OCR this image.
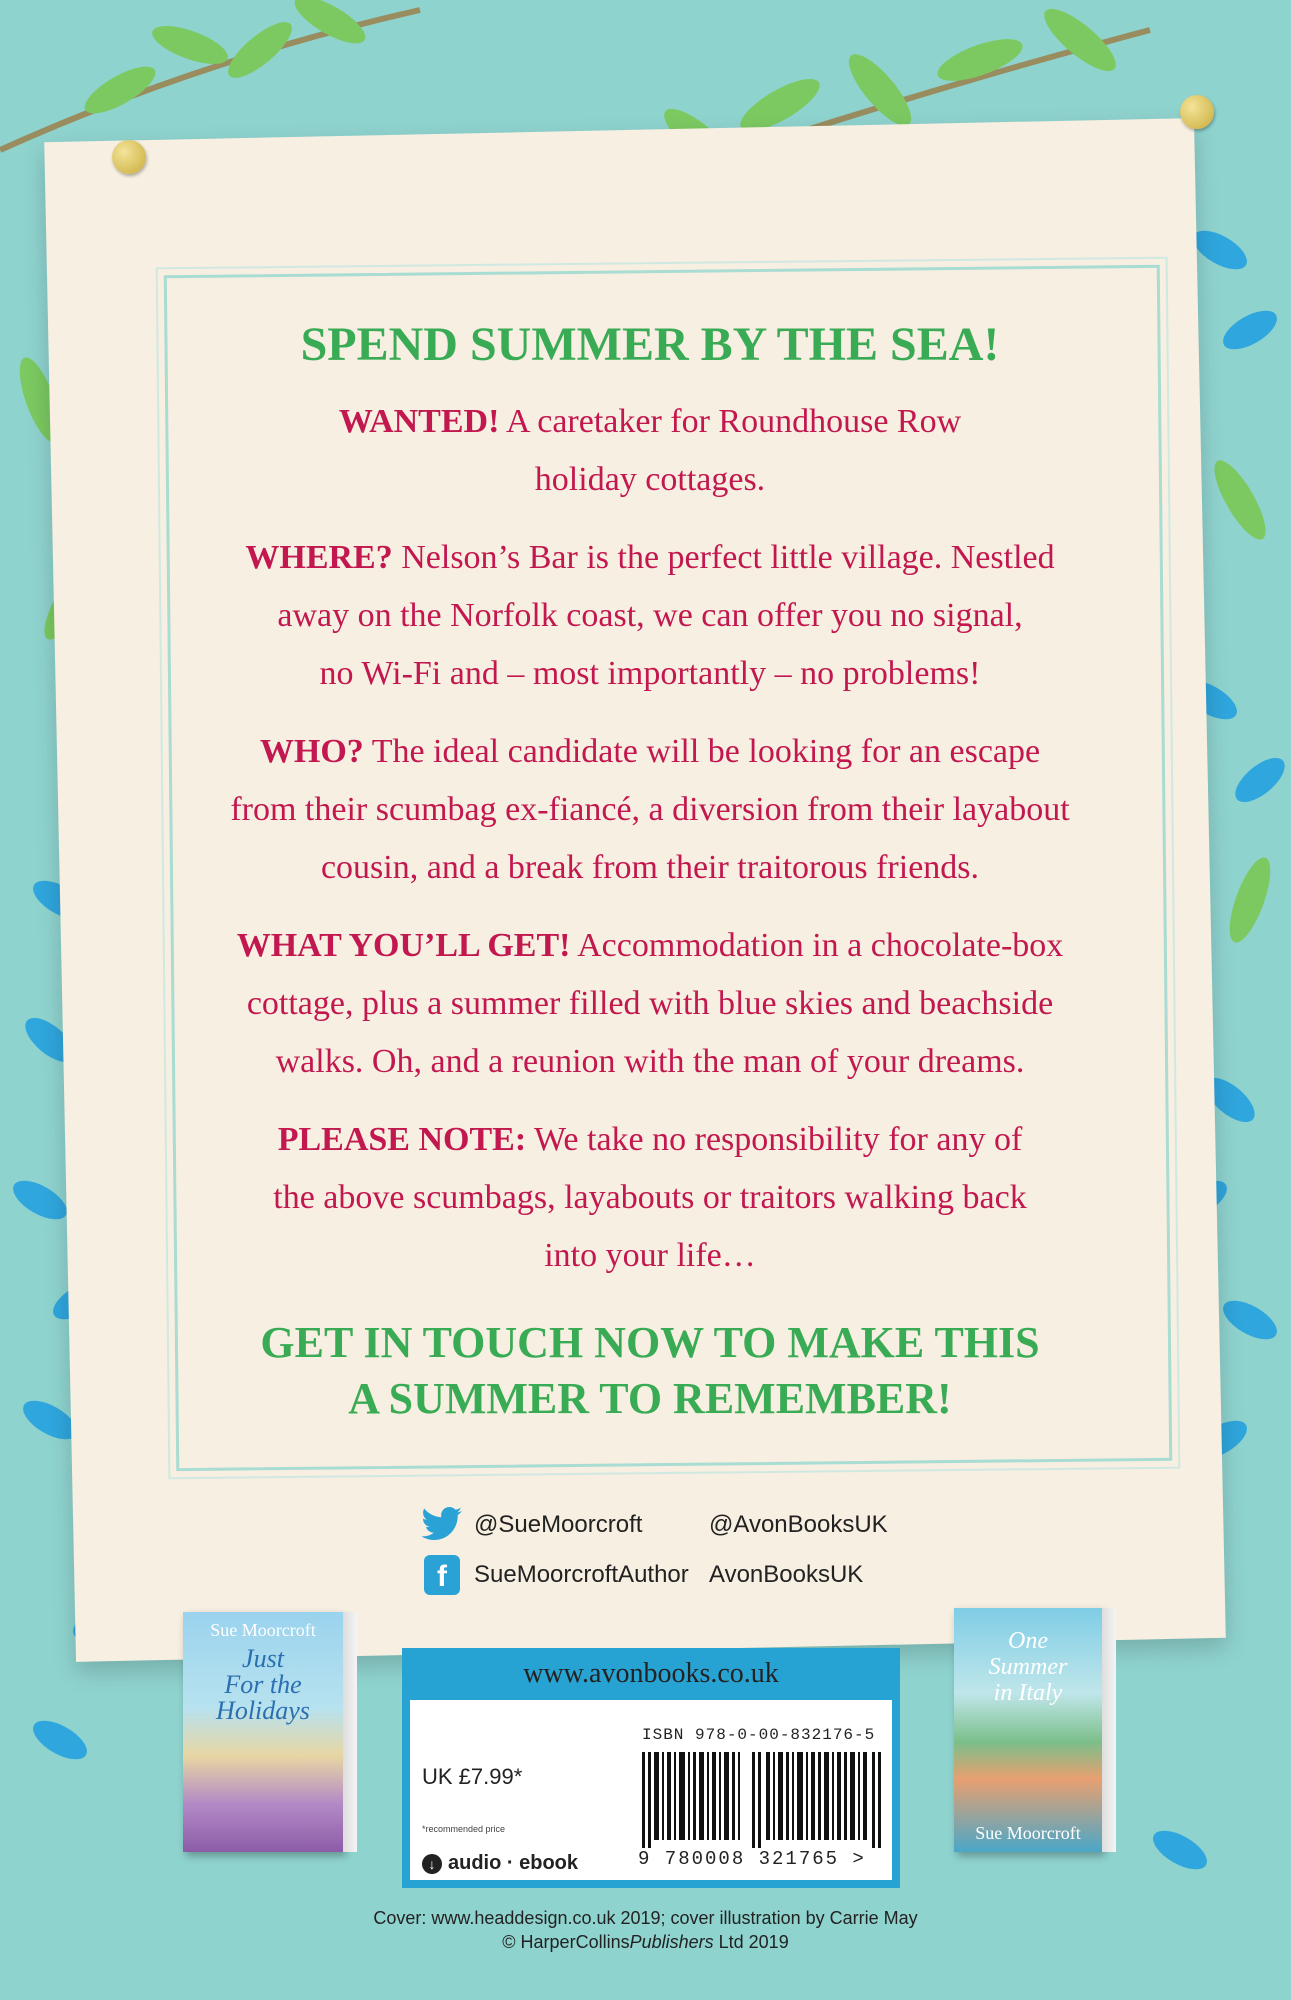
SPEND SUMMER BY THE SEA!
WANTED! A caretaker for Roundhouse Row
holiday cottages.
WHERE? Nelson’s Bar is the perfect little village. Nestled
away on the Norfolk coast, we can offer you no signal,
no Wi-Fi and – most importantly – no problems!
WHO? The ideal candidate will be looking for an escape
from their scumbag ex-fiancé, a diversion from their layabout
cousin, and a break from their traitorous friends.
WHAT YOU’LL GET! Accommodation in a chocolate-box
cottage, plus a summer filled with blue skies and beachside
walks. Oh, and a reunion with the man of your dreams.
PLEASE NOTE: We take no responsibility for any of
the above scumbags, layabouts or traitors walking back
into your life…
GET IN TOUCH NOW TO MAKE THIS
A SUMMER TO REMEMBER!
@SueMoorcroft	@AvonBooksUK
f	SueMoorcroftAuthor AvonBooksUK
Sue Moorcroft
Just
For the
Holidays
One
Summer
in Italy
Sue Moorcroft
www.avonbooks.co.uk
UK £7.99*
*recommended price
↓ audio · ebook
ISBN 978-0-00-832176-5
9 780008 321765 >
Cover: www.headdesign.co.uk 2019; cover illustration by Carrie May
© HarperCollinsPublishers Ltd 2019
